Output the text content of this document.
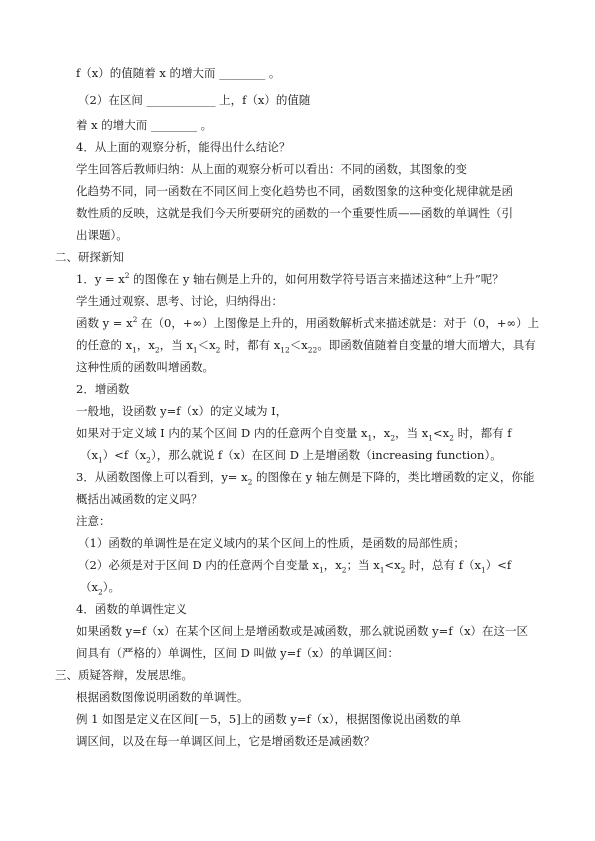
f（x）的值随着 x 的增大而 ________ 。
（2）在区间 ____________ 上，f（x）的值随
着 x 的增大而 ________ 。
4．从上面的观察分析，能得出什么结论？
学生回答后教师归纳：从上面的观察分析可以看出：不同的函数，其图象的变
化趋势不同，同一函数在不同区间上变化趋势也不同，函数图象的这种变化规律就是函
数性质的反映，这就是我们今天所要研究的函数的一个重要性质——函数的单调性（引
出课题）。
二、研探新知
1．$y = x^2$ 的图像在 y 轴右侧是上升的，如何用数学符号语言来描述这种“上升”呢？
学生通过观察、思考、讨论，归纳得出：
函数 $y = x^2$ 在（0，+∞）上图像是上升的，用函数解析式来描述就是：对于（0，+∞）上
的任意的 $x_1$，$x_2$，当 $x_1<x_2$ 时，都有 $x_{12}<x_{22}$。即函数值随着自变量的增大而增大，具有
这种性质的函数叫增函数。
2．增函数
一般地，设函数 y=f（x）的定义域为 I，
如果对于定义域 I 内的某个区间 D 内的任意两个自变量 $x_1$，$x_2$，当 $x_1<x_2$ 时，都有 f
$(x_1)<f(x_2)$，那么就说 f（x）在区间 D 上是增函数（increasing function）。
3．从函数图像上可以看到，$y= x_2$ 的图像在 y 轴左侧是下降的，类比增函数的定义，你能
概括出减函数的定义吗？
注意：
（1）函数的单调性是在定义域内的某个区间上的性质，是函数的局部性质；
（2）必须是对于区间 D 内的任意两个自变量 $x_1$，$x_2$；当 $x_1<x_2$ 时，总有 $f(x_1)<f$
$(x_2)$。
4．函数的单调性定义
如果函数 y=f（x）在某个区间上是增函数或是减函数，那么就说函数 y=f（x）在这一区
间具有（严格的）单调性，区间 D 叫做 y=f（x）的单调区间：
三、质疑答辩，发展思维。
根据函数图像说明函数的单调性。
例 1 如图是定义在区间[－5，5]上的函数 y=f（x），根据图像说出函数的单
调区间，以及在每一单调区间上，它是增函数还是减函数？
